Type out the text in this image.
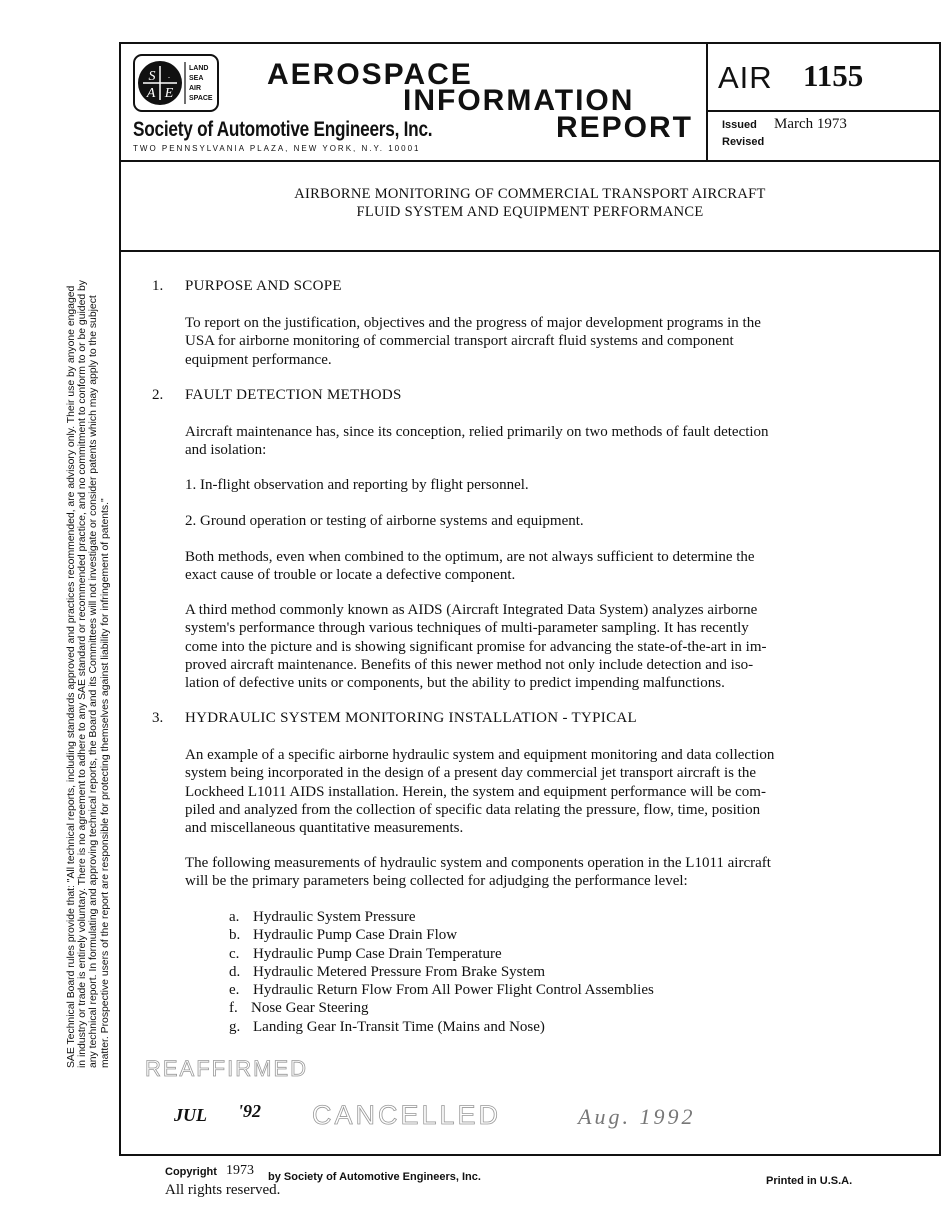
SAE Technical Board rules provide that: "All technical reports, including standards approved and practices recommended, are advisory only. Their use by anyone engaged in industry or trade is entirely voluntary. There is no agreement to adhere to any SAE standard or recommended practice, and no commitment to conform to or be guided by any technical report. In formulating and approving technical reports, the Board and its Committees will not investigate or consider patents which may apply to the subject matter. Prospective users of the report are responsible for protecting themselves against liability for infringement of patents."
S
A E
·
LAND
SEA
AIR
SPACE
AEROSPACE
INFORMATION
REPORT
Society of Automotive Engineers, Inc.
TWO PENNSYLVANIA PLAZA, NEW YORK, N.Y. 10001
AIR 1155
Issued March 1973
Revised
AIRBORNE MONITORING OF COMMERCIAL TRANSPORT AIRCRAFT
FLUID SYSTEM AND EQUIPMENT PERFORMANCE
1. PURPOSE AND SCOPE
To report on the justification, objectives and the progress of major development programs in the
USA for airborne monitoring of commercial transport aircraft fluid systems and component
equipment performance.
2. FAULT DETECTION METHODS
Aircraft maintenance has, since its conception, relied primarily on two methods of fault detection
and isolation:
1. In-flight observation and reporting by flight personnel.
2. Ground operation or testing of airborne systems and equipment.
Both methods, even when combined to the optimum, are not always sufficient to determine the
exact cause of trouble or locate a defective component.
A third method commonly known as AIDS (Aircraft Integrated Data System) analyzes airborne
system's performance through various techniques of multi-parameter sampling. It has recently
come into the picture and is showing significant promise for advancing the state-of-the-art in im-
proved aircraft maintenance. Benefits of this newer method not only include detection and iso-
lation of defective units or components, but the ability to predict impending malfunctions.
3. HYDRAULIC SYSTEM MONITORING INSTALLATION - TYPICAL
An example of a specific airborne hydraulic system and equipment monitoring and data collection
system being incorporated in the design of a present day commercial jet transport aircraft is the
Lockheed L1011 AIDS installation. Herein, the system and equipment performance will be com-
piled and analyzed from the collection of specific data relating the pressure, flow, time, position
and miscellaneous quantitative measurements.
The following measurements of hydraulic system and components operation in the L1011 aircraft
will be the primary parameters being collected for adjudging the performance level:
a. Hydraulic System Pressure
b. Hydraulic Pump Case Drain Flow
c. Hydraulic Pump Case Drain Temperature
d. Hydraulic Metered Pressure From Brake System
e. Hydraulic Return Flow From All Power Flight Control Assemblies
f. Nose Gear Steering
g. Landing Gear In-Transit Time (Mains and Nose)
REAFFIRMED
JUL '92 CANCELLED	Aug. 1992
Copyright 1973 by Society of Automotive Engineers, Inc.
All rights reserved.
Printed in U.S.A.
